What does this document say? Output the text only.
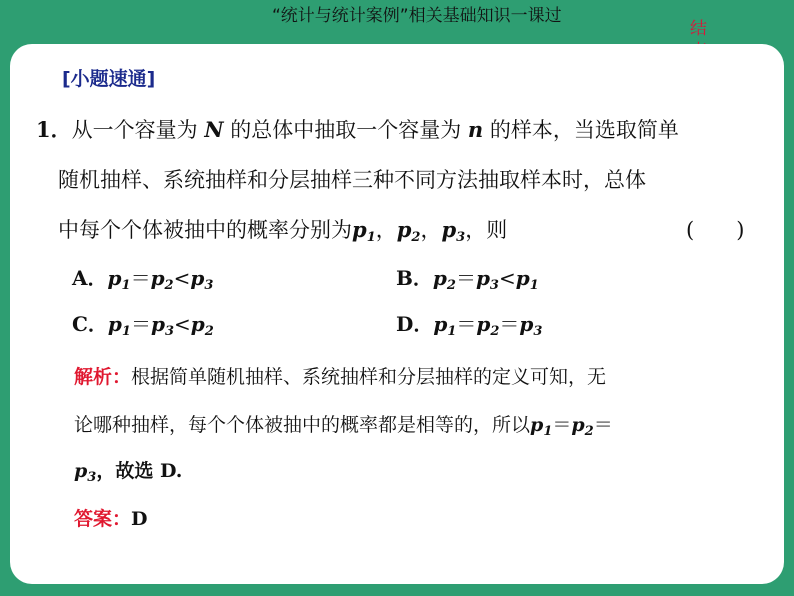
“统计与统计案例”相关基础知识一课过
结
[小题速通]
1．从一个容量为 N 的总体中抽取一个容量为 n 的样本，当选取简单
随机抽样、系统抽样和分层抽样三种不同方法抽取样本时，总体
中每个个体被抽中的概率分别为$p_1$，$p_2$，$p_3$，则	(　　)
A．$p_1=p_2<p_3$	B．$p_2=p_3<p_1$
C．$p_1=p_3<p_2$	D．$p_1=p_2=p_3$
解析：根据简单随机抽样、系统抽样和分层抽样的定义可知，无
论哪种抽样，每个个体被抽中的概率都是相等的，所以$p_1=p_2=$
$p_3$，故选 D.
答案：D
